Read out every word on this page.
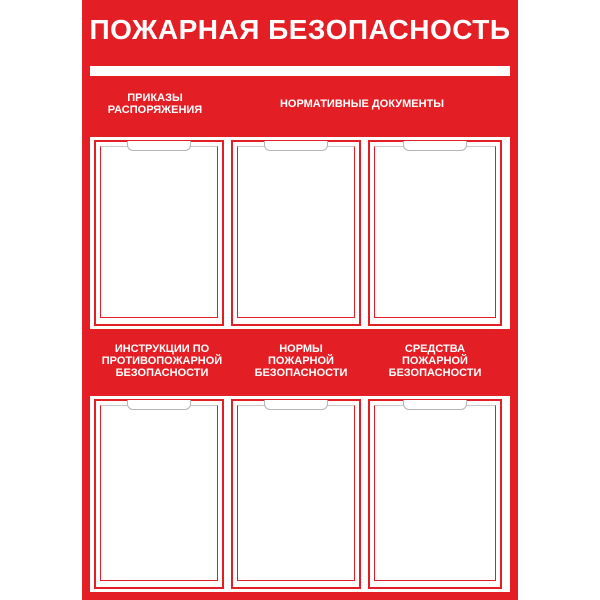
ПОЖАРНАЯ БЕЗОПАСНОСТЬ
ПРИКАЗЫ
РАСПОРЯЖЕНИЯ	НОРМАТИВНЫЕ ДОКУМЕНТЫ
ИНСТРУКЦИИ ПО
ПРОТИВОПОЖАРНОЙ
БЕЗОПАСНОСТИ
НОРМЫ
ПОЖАРНОЙ
БЕЗОПАСНОСТИ
СРЕДСТВА
ПОЖАРНОЙ
БЕЗОПАСНОСТИ
